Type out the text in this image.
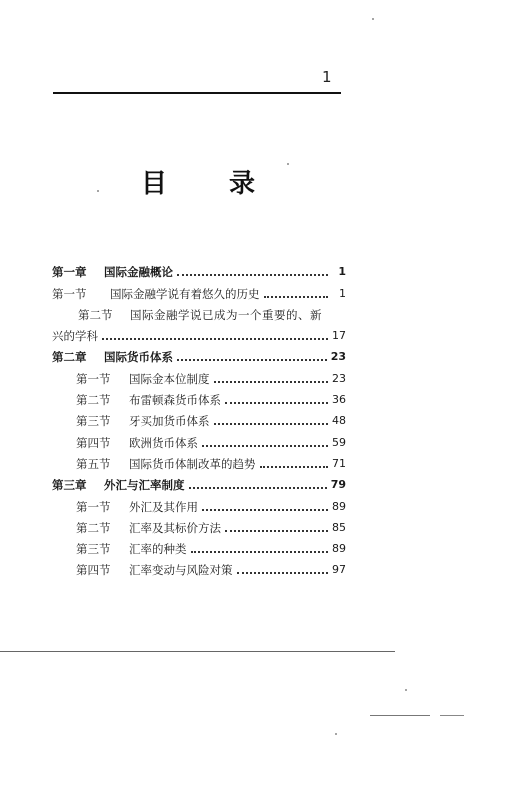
1
目 录
第一章	国际金融概论	1
第一节	国际金融学说有着悠久的历史	1
第二节	国际金融学说已成为一个重要的、新
兴的学科	17
第二章	国际货币体系	23
第一节	国际金本位制度	23
第二节	布雷顿森货币体系	36
第三节	牙买加货币体系	48
第四节	欧洲货币体系	59
第五节	国际货币体制改革的趋势	71
第三章	外汇与汇率制度	79
第一节	外汇及其作用	89
第二节	汇率及其标价方法	85
第三节	汇率的种类	89
第四节	汇率变动与风险对策	97
